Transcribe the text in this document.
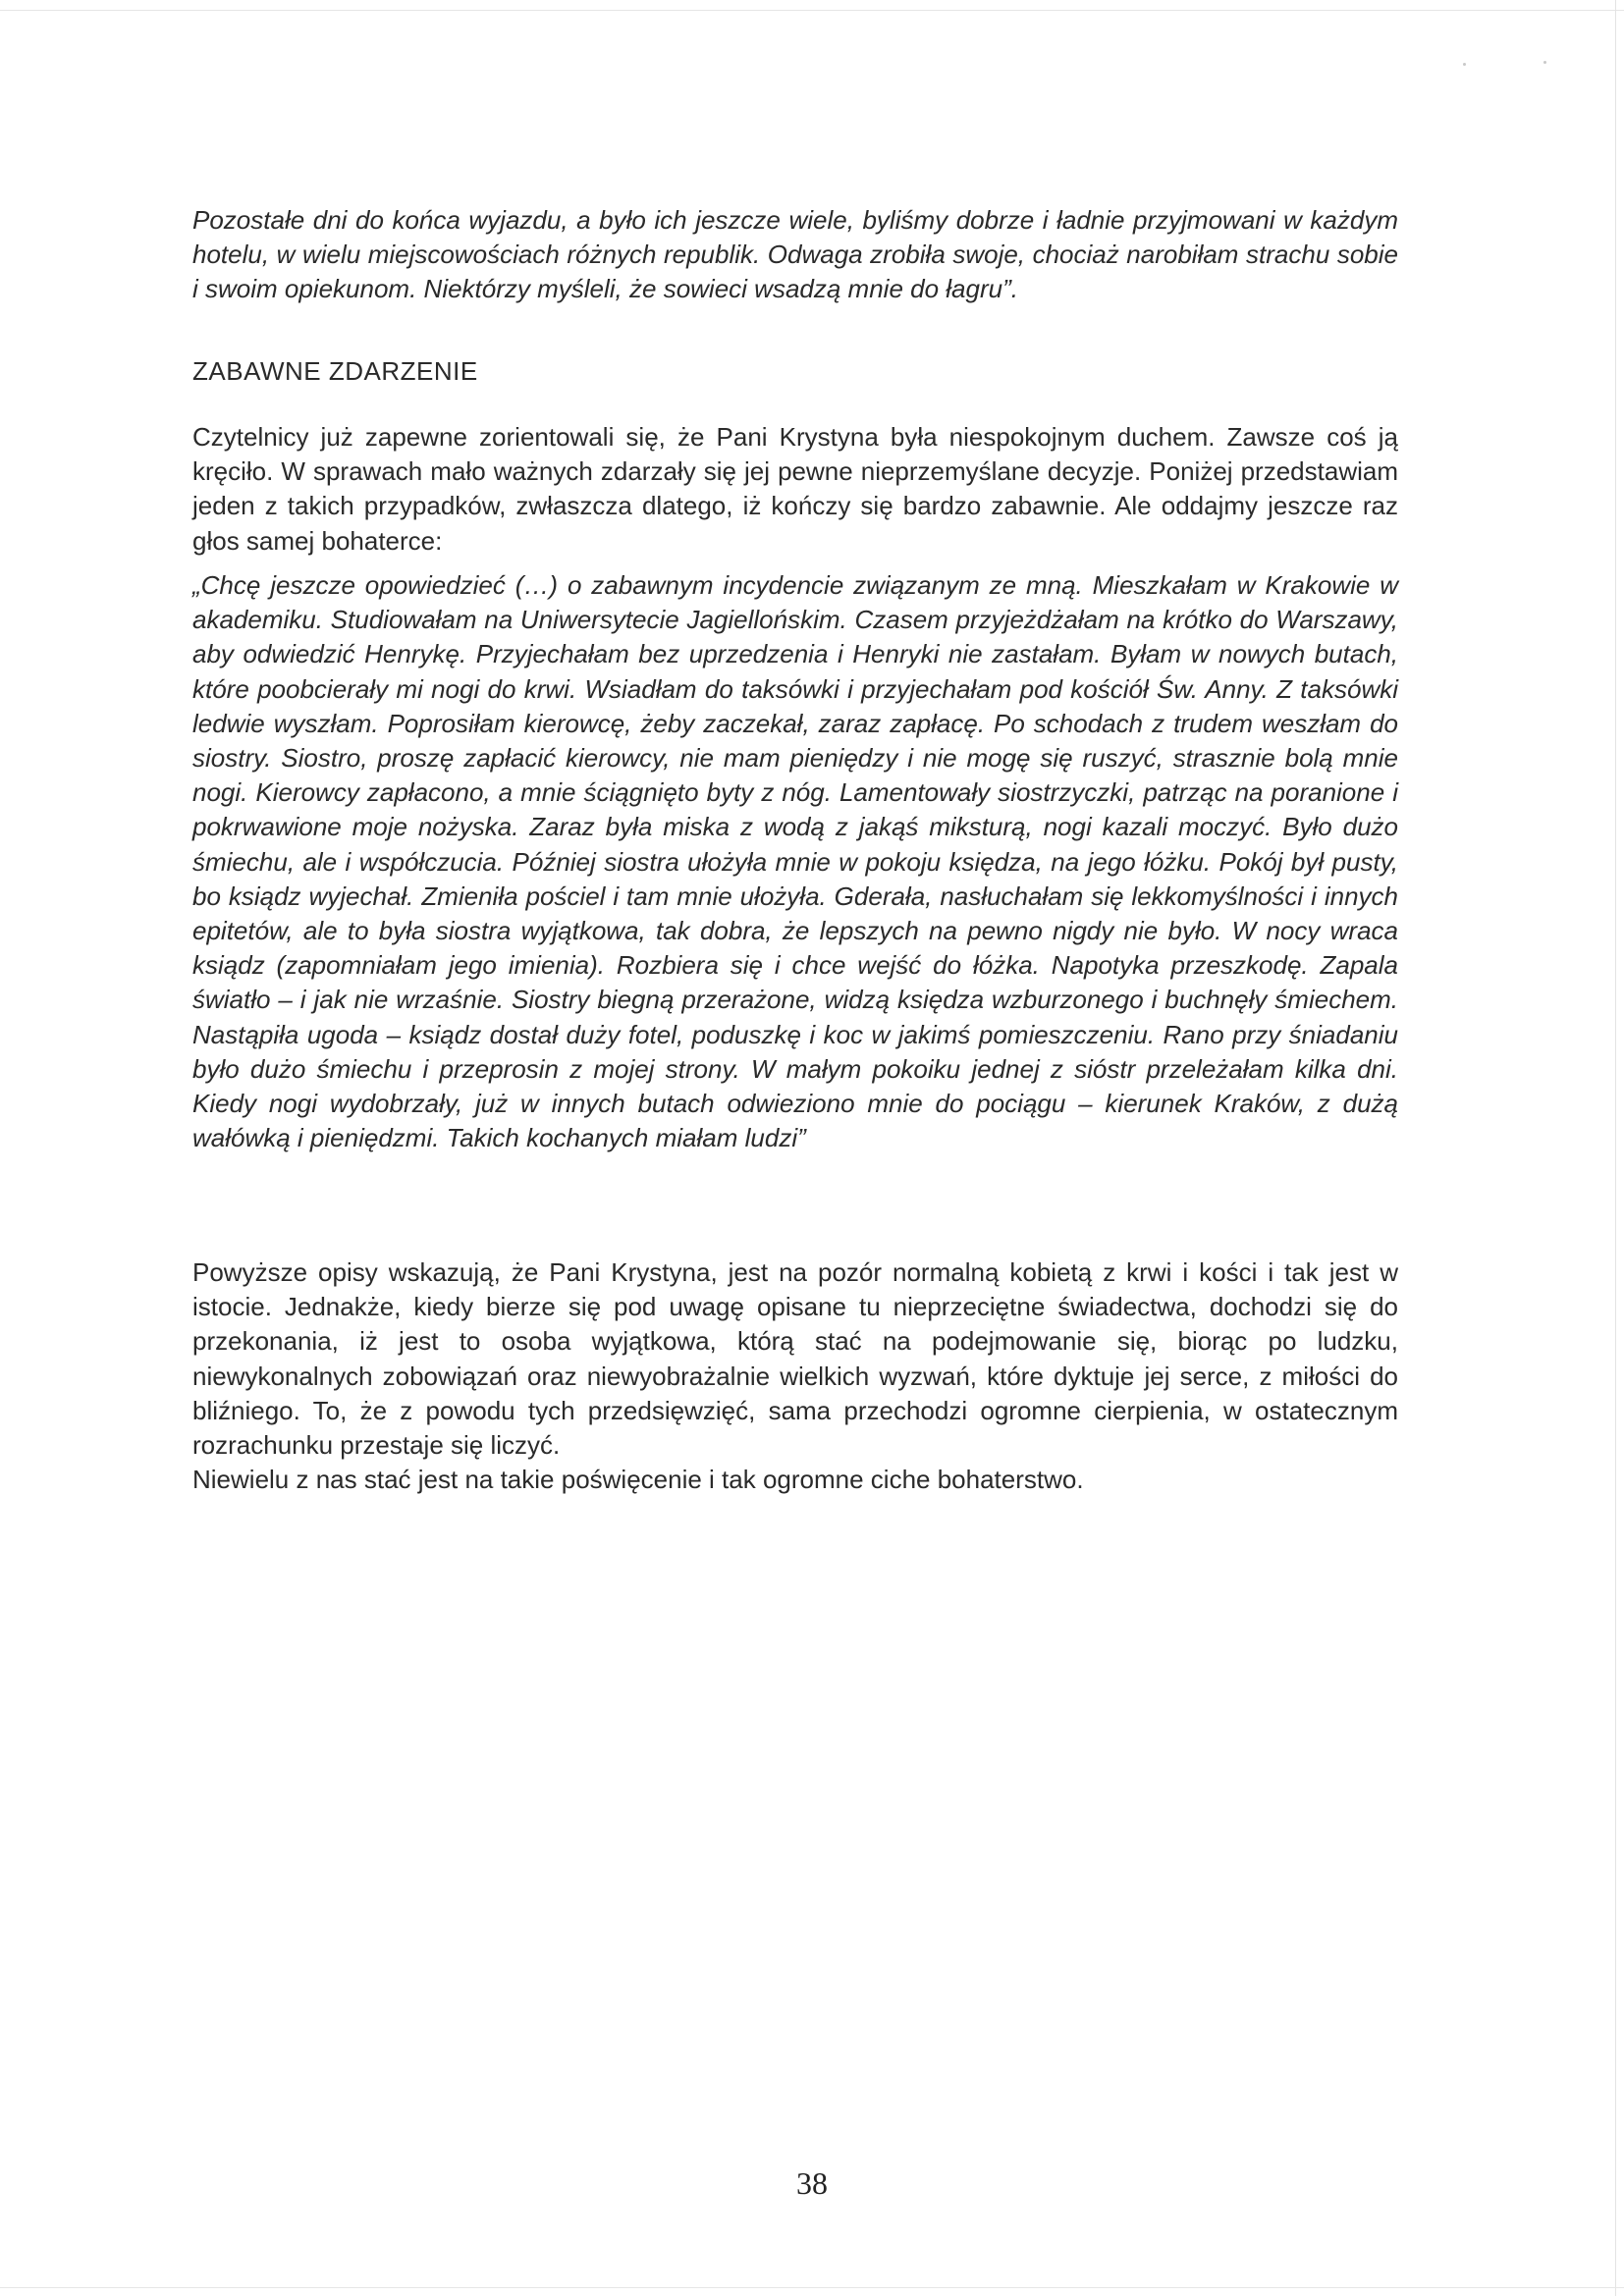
Pozostałe dni do końca wyjazdu, a było ich jeszcze wiele, byliśmy dobrze i ładnie przyjmowani w każdym hotelu, w wielu miejscowościach różnych republik. Odwaga zrobiła swoje, chociaż narobiłam strachu sobie i swoim opiekunom. Niektórzy myśleli, że sowieci wsadzą mnie do łagru”.

ZABAWNE ZDARZENIE

Czytelnicy już zapewne zorientowali się, że Pani Krystyna była niespokojnym duchem. Zawsze coś ją kręciło. W sprawach mało ważnych zdarzały się jej pewne nieprzemyślane decyzje. Poniżej przedstawiam jeden z takich przypadków, zwłaszcza dlatego, iż kończy się bardzo zabawnie. Ale oddajmy jeszcze raz głos samej bohaterce:

„Chcę jeszcze opowiedzieć (…) o zabawnym incydencie związanym ze mną. Mieszkałam w Krakowie w akademiku. Studiowałam na Uniwersytecie Jagiellońskim. Czasem przyjeżdżałam na krótko do Warszawy, aby odwiedzić Henrykę. Przyjechałam bez uprzedzenia i Henryki nie zastałam. Byłam w nowych butach, które poobcierały mi nogi do krwi. Wsiadłam do taksówki i przyjechałam pod kościół Św. Anny. Z taksówki ledwie wyszłam. Poprosiłam kierowcę, żeby zaczekał, zaraz zapłacę. Po schodach z trudem weszłam do siostry. Siostro, proszę zapłacić kierowcy, nie mam pieniędzy i nie mogę się ruszyć, strasznie bolą mnie nogi. Kierowcy zapłacono, a mnie ściągnięto byty z nóg. Lamentowały siostrzyczki, patrząc na poranione i pokrwawione moje nożyska. Zaraz była miska z wodą z jakąś miksturą, nogi kazali moczyć. Było dużo śmiechu, ale i współczucia. Później siostra ułożyła mnie w pokoju księdza, na jego łóżku. Pokój był pusty, bo ksiądz wyjechał. Zmieniła pościel i tam mnie ułożyła. Gderała, nasłuchałam się lekkomyślności i innych epitetów, ale to była siostra wyjątkowa, tak dobra, że lepszych na pewno nigdy nie było. W nocy wraca ksiądz (zapomniałam jego imienia). Rozbiera się i chce wejść do łóżka. Napotyka przeszkodę. Zapala światło – i jak nie wrzaśnie. Siostry biegną przerażone, widzą księdza wzburzonego i buchnęły śmiechem. Nastąpiła ugoda – ksiądz dostał duży fotel, poduszkę i koc w jakimś pomieszczeniu. Rano przy śniadaniu było dużo śmiechu i przeprosin z mojej strony. W małym pokoiku jednej z sióstr przeleżałam kilka dni. Kiedy nogi wydobrzały, już w innych butach odwieziono mnie do pociągu – kierunek Kraków, z dużą wałówką i pieniędzmi. Takich kochanych miałam ludzi”

Powyższe opisy wskazują, że Pani Krystyna, jest na pozór normalną kobietą z krwi i kości i tak jest w istocie. Jednakże, kiedy bierze się pod uwagę opisane tu nieprzeciętne świadectwa, dochodzi się do przekonania, iż jest to osoba wyjątkowa, którą stać na podejmowanie się, biorąc po ludzku, niewykonalnych zobowiązań oraz niewyobrażalnie wielkich wyzwań, które dyktuje jej serce, z miłości do bliźniego. To, że z powodu tych przedsięwzięć, sama przechodzi ogromne cierpienia, w ostatecznym rozrachunku przestaje się liczyć.

Niewielu z nas stać jest na takie poświęcenie i tak ogromne ciche bohaterstwo.

38
